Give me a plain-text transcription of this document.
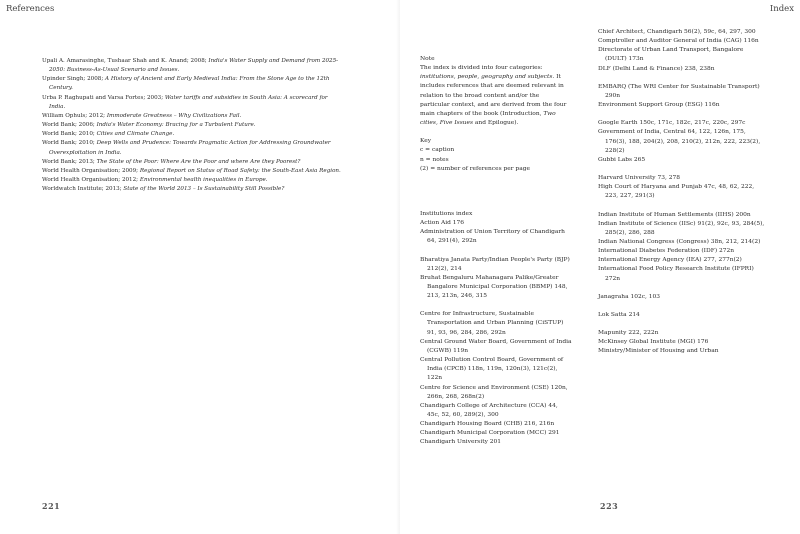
References
Upali A. Amarasinghe, Tushaar Shah and K. Anand; 2008; India's Water Supply and Demand from 2025-2050: Business-As-Usual Scenario and Issues.
Upinder Singh; 2008; A History of Ancient and Early Medieval India: From the Stone Age to the 12th Century.
Urba P. Raghupati and Varsa Fortes; 2003; Water tariffs and subsidies in South Asia: A scorecard for India.
William Ophuls; 2012; Immoderate Greatness – Why Civilizations Fail.
World Bank; 2006; India's Water Economy: Bracing for a Turbulent Future.
World Bank; 2010; Cities and Climate Change.
World Bank; 2010; Deep Wells and Prudence: Towards Pragmatic Action for Addressing Groundwater Overexploitation in India.
World Bank; 2013; The State of the Poor: Where Are the Poor and where Are they Poorest?
World Health Organisation; 2009; Regional Report on Status of Road Safety: the South-East Asia Region.
World Health Organisation; 2012; Environmental health inequalities in Europe.
Worldwatch Institute; 2013; State of the World 2013 – Is Sustainability Still Possible?
221
Index
Note
The index is divided into four categories: institutions, people, geography and subjects. It includes references that are deemed relevant in relation to the broad content and/or the particular context, and are derived from the four main chapters of the book (Introduction, Two cities, Five Issues and Epilogue).
Key
c = caption
n = notes
(2) = number of references per page
Institutions index
Action Aid 176
Administration of Union Territory of Chandigarh 64, 291(4), 292n
Bharatiya Janata Party/Indian People's Party (BJP) 212(2), 214
Bruhat Bengaluru Mahanagara Palike/Greater Bangalore Municipal Corporation (BBMP) 148, 213, 213n, 246, 315
Centre for Infrastructure, Sustainable Transportation and Urban Planning (CiSTUP) 91, 93, 96, 284, 286, 292n
Central Ground Water Board, Government of India (CGWB) 119n
Central Pollution Control Board, Government of India (CPCB) 118n, 119n, 120n(3), 121c(2), 122n
Centre for Science and Environment (CSE) 120n, 266n, 268, 268n(2)
Chandigarh College of Architecture (CCA) 44, 45c, 52, 60, 289(2), 300
Chandigarh Housing Board (CHB) 216, 216n
Chandigarh Municipal Corporation (MCC) 291
Chandigarh University 201
Chief Architect, Chandigarh 56(2), 59c, 64, 297, 300
Comptroller and Auditor General of India (CAG) 116n
Directorate of Urban Land Transport, Bangalore (DULT) 173n
DLF (Delhi Land & Finance) 238, 238n
EMBARQ (The WRI Center for Sustainable Transport) 290n
Environment Support Group (ESG) 116n
Google Earth 150c, 171c, 182c, 217c, 220c, 297c
Government of India, Central 64, 122, 126n, 175, 176(3), 188, 204(2), 208, 210(2), 212n, 222, 223(2), 228(2)
Gubbi Labs 265
Harvard University 73, 278
High Court of Haryana and Punjab 47c, 48, 62, 222, 223, 227, 291(3)
Indian Institute of Human Settlements (IIHS) 200n
Indian Institute of Science (IISc) 91(2), 92c, 93, 284(5), 285(2), 286, 288
Indian National Congress (Congress) 38n, 212, 214(2)
International Diabetes Federation (IDF) 272n
International Energy Agency (IEA) 277, 277n(2)
International Food Policy Research Institute (IFPRI) 272n
Janagraha 102c, 103
Lok Satta 214
Mapunity 222, 222n
McKinsey Global Institute (MGI) 176
Ministry/Minister of Housing and Urban
223
